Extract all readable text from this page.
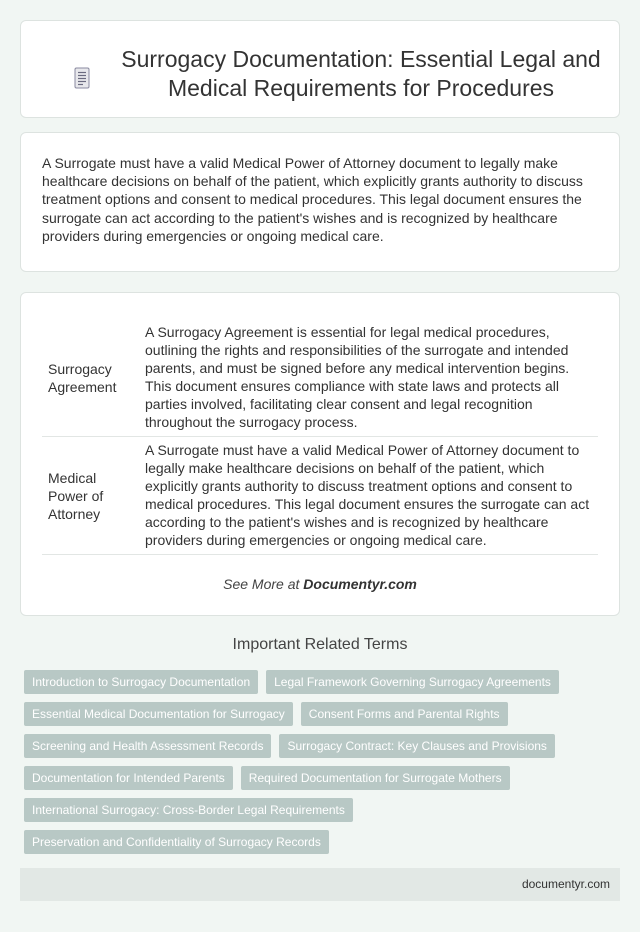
Surrogacy Documentation: Essential Legal and Medical Requirements for Procedures

A Surrogate must have a valid Medical Power of Attorney document to legally make healthcare decisions on behalf of the patient, which explicitly grants authority to discuss treatment options and consent to medical procedures. This legal document ensures the surrogate can act according to the patient's wishes and is recognized by healthcare providers during emergencies or ongoing medical care.

Surrogacy Agreement	A Surrogacy Agreement is essential for legal medical procedures, outlining the rights and responsibilities of the surrogate and intended parents, and must be signed before any medical intervention begins. This document ensures compliance with state laws and protects all parties involved, facilitating clear consent and legal recognition throughout the surrogacy process.
Medical Power of Attorney	A Surrogate must have a valid Medical Power of Attorney document to legally make healthcare decisions on behalf of the patient, which explicitly grants authority to discuss treatment options and consent to medical procedures. This legal document ensures the surrogate can act according to the patient's wishes and is recognized by healthcare providers during emergencies or ongoing medical care.
See More at Documentyr.com
Important Related Terms
Introduction to Surrogacy Documentation	Legal Framework Governing Surrogacy Agreements
Essential Medical Documentation for Surrogacy	Consent Forms and Parental Rights
Screening and Health Assessment Records	Surrogacy Contract: Key Clauses and Provisions
Documentation for Intended Parents	Required Documentation for Surrogate Mothers
International Surrogacy: Cross-Border Legal Requirements
Preservation and Confidentiality of Surrogacy Records
documentyr.com
